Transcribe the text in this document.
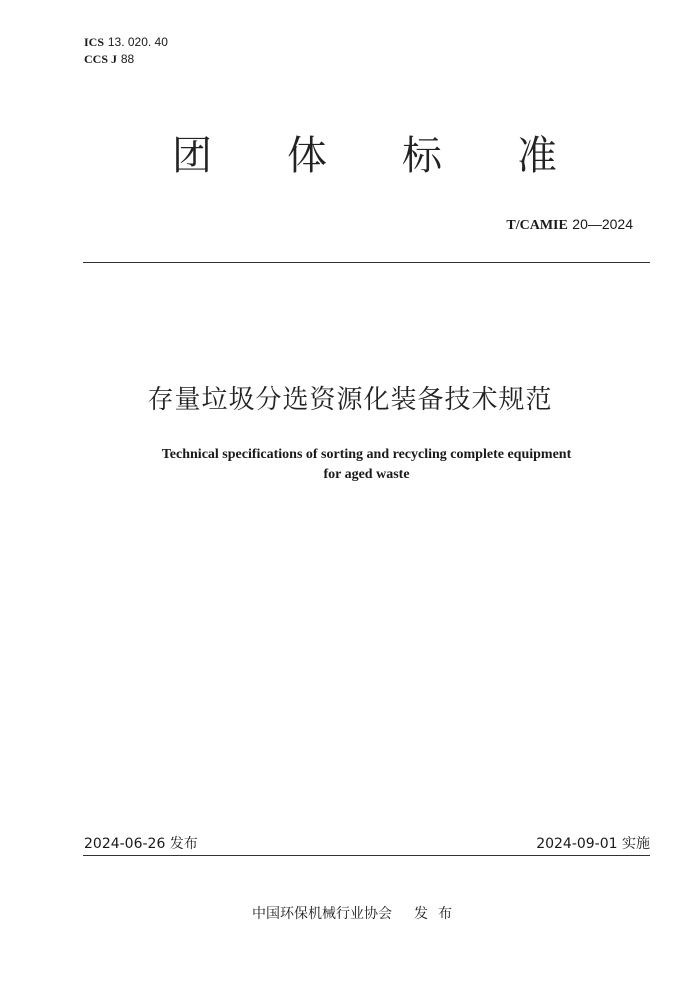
ICS 13. 020. 40
CCS J 88
团 体 标 准
T/CAMIE 20—2024
存量垃圾分选资源化装备技术规范
Technical specifications of sorting and recycling complete equipment
for aged waste
2024-06-26 发布	2024-09-01 实施
中国环保机械行业协会 发布
